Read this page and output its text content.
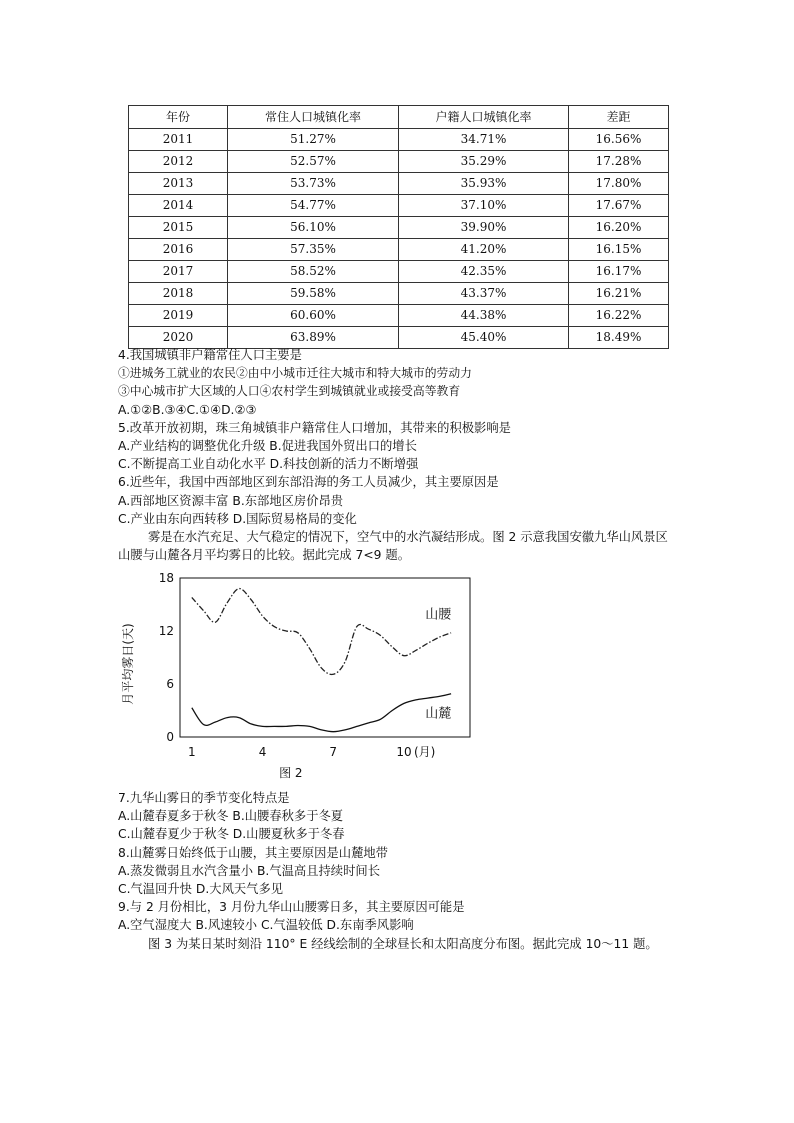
年份	常住人口城镇化率	户籍人口城镇化率	差距
2011	51.27%	34.71%	16.56%
2012	52.57%	35.29%	17.28%
2013	53.73%	35.93%	17.80%
2014	54.77%	37.10%	17.67%
2015	56.10%	39.90%	16.20%
2016	57.35%	41.20%	16.15%
2017	58.52%	42.35%	16.17%
2018	59.58%	43.37%	16.21%
2019	60.60%	44.38%	16.22%
2020	63.89%	45.40%	18.49%

4.我国城镇非户籍常住人口主要是

①进城务工就业的农民②由中小城市迁往大城市和特大城市的劳动力

③中心城市扩大区域的人口④农村学生到城镇就业或接受高等教育

A.①②B.③④C.①④D.②③

5.改革开放初期，珠三角城镇非户籍常住人口增加，其带来的积极影响是

A.产业结构的调整优化升级 B.促进我国外贸出口的增长

C.不断提高工业自动化水平 D.科技创新的活力不断增强

6.近些年，我国中西部地区到东部沿海的务工人员减少，其主要原因是

A.西部地区资源丰富 B.东部地区房价昂贵

C.产业由东向西转移 D.国际贸易格局的变化

雾是在水汽充足、大气稳定的情况下，空气中的水汽凝结形成。图 2 示意我国安徽九华山风景区山腰与山麓各月平均雾日的比较。据此完成 7<9 题。

月平均雾日(天)
18
12
6
0
1	4	7	10 (月)
山腰
山麓
图 2

7.九华山雾日的季节变化特点是

A.山麓春夏多于秋冬 B.山腰春秋多于冬夏

C.山麓春夏少于秋冬 D.山腰夏秋多于冬春

8.山麓雾日始终低于山腰，其主要原因是山麓地带

A.蒸发微弱且水汽含量小 B.气温高且持续时间长

C.气温回升快 D.大风天气多见

9.与 2 月份相比，3 月份九华山山腰雾日多，其主要原因可能是

A.空气湿度大 B.风速较小 C.气温较低 D.东南季风影响

图 3 为某日某时刻沿 110° E 经线绘制的全球昼长和太阳高度分布图。据此完成 10～11 题。
